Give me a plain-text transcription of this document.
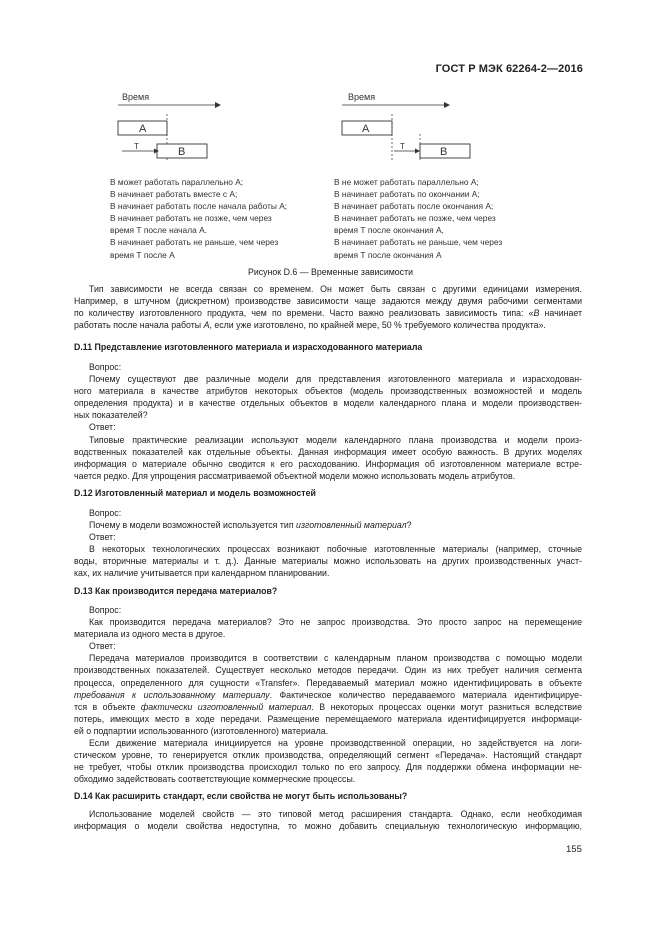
ГОСТ Р МЭК 62264-2—2016
Время
A
B
T
В может работать параллельно A;
В начинает работать вместе с A;
В начинает работать после начала работы A;
В начинает работать не позже, чем через
время Т после начала A.
В начинает работать не раньше, чем через
время Т после A
Время
A
B
T
В не может работать параллельно A;
В начинает работать по окончании A;
В начинает работать после окончания A;
В начинает работать не позже, чем через
время Т после окончания A,
В начинает работать не раньше, чем через
время Т после окончания A
Рисунок D.6 — Временные зависимости

Тип зависимости не всегда связан со временем. Он может быть связан с другими единицами измерения.

Например, в штучном (дискретном) производстве зависимости чаще задаются между двумя рабочими сегментами

по количеству изготовленного продукта, чем по времени. Часто важно реализовать зависимость типа: «В начинает

работать после начала работы А, если уже изготовлено, по крайней мере, 50 % требуемого количества продукта».

D.11 Представление изготовленного материала и израсходованного материала

Вопрос:

Почему существуют две различные модели для представления изготовленного материала и израсходован-

ного материала в качестве атрибутов некоторых объектов (модель производственных возможностей и модель

определения продукта) и в качестве отдельных объектов в модели календарного плана и модели производствен-

ных показателей?

Ответ:

Типовые практические реализации используют модели календарного плана производства и модели произ-

водственных показателей как отдельные объекты. Данная информация имеет особую важность. В других моделях

информация о материале обычно сводится к его расходованию. Информация об изготовленном материале встре-

чается редко. Для упрощения рассматриваемой объектной модели можно использовать модель атрибутов.

D.12 Изготовленный материал и модель возможностей

Вопрос:

Почему в модели возможностей используется тип изготовленный материал?

Ответ:

В некоторых технологических процессах возникают побочные изготовленные материалы (например, сточные

воды, вторичные материалы и т. д.). Данные материалы можно использовать на других производственных участ-

ках, их наличие учитывается при календарном планировании.

D.13 Как производится передача материалов?

Вопрос:

Как производится передача материалов? Это не запрос производства. Это просто запрос на перемещение

материала из одного места в другое.

Ответ:

Передача материалов производится в соответствии с календарным планом производства с помощью модели

производственных показателей. Существует несколько методов передачи. Один из них требует наличия сегмента

процесса, определенного для сущности «Transfer». Передаваемый материал можно идентифицировать в объекте

требования к использованному материалу. Фактическое количество передаваемого материала идентифицируе-

тся в объекте фактически изготовленный материал. В некоторых процессах оценки могут разниться вследствие

потерь, имеющих место в ходе передачи. Размещение перемещаемого материала идентифицируется информаци-

ей о подпартии использованного (изготовленного) материала.

Если движение материала инициируется на уровне производственной операции, но задействуется на логи-

стическом уровне, то генерируется отклик производства, определяющий сегмент «Передача». Настоящий стандарт

не требует, чтобы отклик производства происходил только по его запросу. Для поддержки обмена информации не-

обходимо задействовать соответствующие коммерческие процессы.

D.14 Как расширить стандарт, если свойства не могут быть использованы?

Использование моделей свойств — это типовой метод расширения стандарта. Однако, если необходимая

информация о модели свойства недоступна, то можно добавить специальную технологическую информацию,

155
